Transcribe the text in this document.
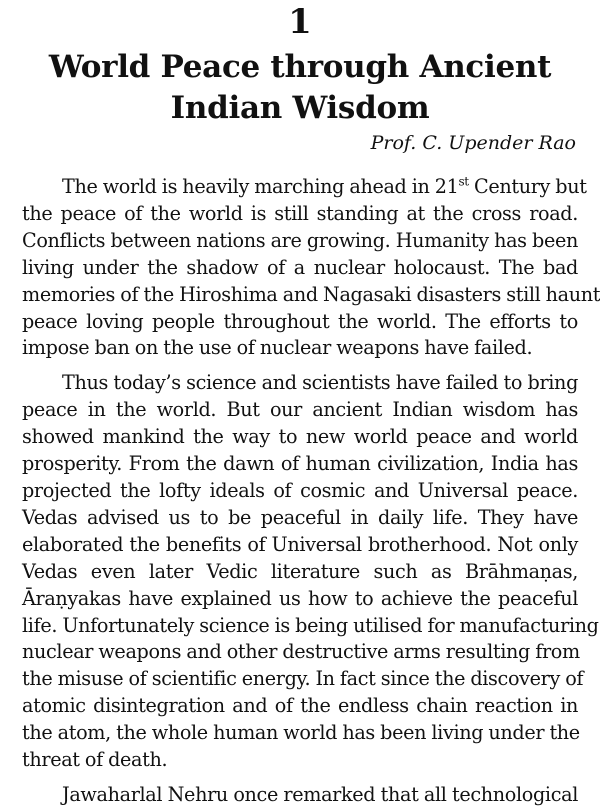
1
World Peace through Ancient
Indian Wisdom
Prof. C. Upender Rao

The world is heavily marching ahead in 21st Century but
the peace of the world is still standing at the cross road.
Conflicts between nations are growing. Humanity has been
living under the shadow of a nuclear holocaust. The bad
memories of the Hiroshima and Nagasaki disasters still haunt
peace loving people throughout the world. The efforts to
impose ban on the use of nuclear weapons have failed.

Thus today’s science and scientists have failed to bring
peace in the world. But our ancient Indian wisdom has
showed mankind the way to new world peace and world
prosperity. From the dawn of human civilization, India has
projected the lofty ideals of cosmic and Universal peace.
Vedas advised us to be peaceful in daily life. They have
elaborated the benefits of Universal brotherhood. Not only
Vedas even later Vedic literature such as Brāhmaṇas,
Āraṇyakas have explained us how to achieve the peaceful
life. Unfortunately science is being utilised for manufacturing
nuclear weapons and other destructive arms resulting from
the misuse of scientific energy. In fact since the discovery of
atomic disintegration and of the endless chain reaction in
the atom, the whole human world has been living under the
threat of death.

Jawaharlal Nehru once remarked that all technological
